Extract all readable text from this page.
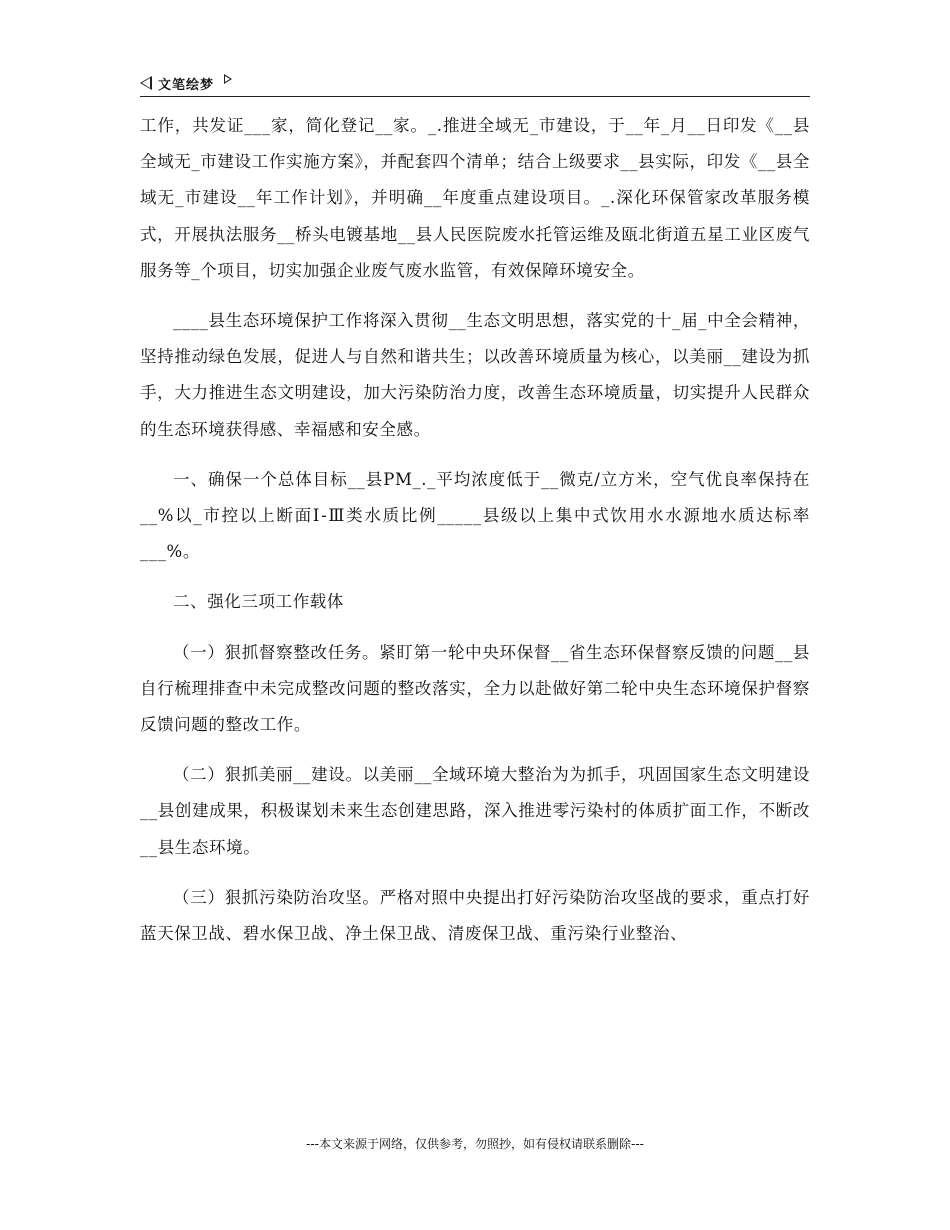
文笔绘梦

工作，共发证___家，简化登记__家。_.推进全域无_市建设，于__年_月__日印发《__县全域无_市建设工作实施方案》，并配套四个清单；结合上级要求__县实际，印发《__县全域无_市建设__年工作计划》，并明确__年度重点建设项目。_.深化环保管家改革服务模式，开展执法服务__桥头电镀基地__县人民医院废水托管运维及瓯北街道五星工业区废气服务等_个项目，切实加强企业废气废水监管，有效保障环境安全。

____县生态环境保护工作将深入贯彻__生态文明思想，落实党的十_届_中全会精神，坚持推动绿色发展，促进人与自然和谐共生；以改善环境质量为核心，以美丽__建设为抓手，大力推进生态文明建设，加大污染防治力度，改善生态环境质量，切实提升人民群众的生态环境获得感、幸福感和安全感。

一、确保一个总体目标__县PM_._平均浓度低于__微克/立方米，空气优良率保持在__%以_市控以上断面Ⅰ-Ⅲ类水质比例_____县级以上集中式饮用水水源地水质达标率___%。

二、强化三项工作载体

（一）狠抓督察整改任务。紧盯第一轮中央环保督__省生态环保督察反馈的问题__县自行梳理排查中未完成整改问题的整改落实，全力以赴做好第二轮中央生态环境保护督察反馈问题的整改工作。

（二）狠抓美丽__建设。以美丽__全域环境大整治为为抓手，巩固国家生态文明建设__县创建成果，积极谋划未来生态创建思路，深入推进零污染村的体质扩面工作，不断改__县生态环境。

（三）狠抓污染防治攻坚。严格对照中央提出打好污染防治攻坚战的要求，重点打好蓝天保卫战、碧水保卫战、净土保卫战、清废保卫战、重污染行业整治、

---本文来源于网络，仅供参考，勿照抄，如有侵权请联系删除---
